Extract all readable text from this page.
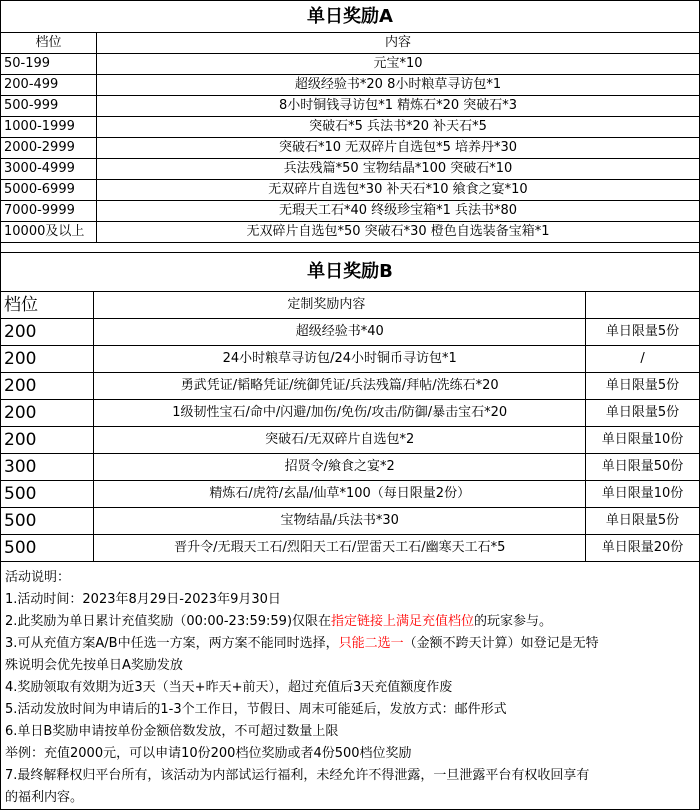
单日奖励A	
档位	内容
50-199	元宝*10
200-499	超级经验书*20 8小时粮草寻访包*1
500-999	8小时铜钱寻访包*1 精炼石*20 突破石*3
1000-1999	突破石*5 兵法书*20 补天石*5
2000-2999	突破石*10 无双碎片自选包*5 培养丹*30
3000-4999	兵法残篇*50 宝物结晶*100 突破石*10
5000-6999	无双碎片自选包*30 补天石*10 飨食之宴*10
7000-9999	无瑕天工石*40 终级珍宝箱*1 兵法书*80
10000及以上	无双碎片自选包*50 突破石*30 橙色自选装备宝箱*1
单日奖励B		
档位	定制奖励内容	
200	超级经验书*40	单日限量5份
200	24小时粮草寻访包/24小时铜币寻访包*1	/
200	勇武凭证/韬略凭证/统御凭证/兵法残篇/拜帖/洗练石*20	单日限量5份
200	1级韧性宝石/命中/闪避/加伤/免伤/攻击/防御/暴击宝石*20	单日限量5份
200	突破石/无双碎片自选包*2	单日限量10份
300	招贤令/飨食之宴*2	单日限量50份
500	精炼石/虎符/玄晶/仙草*100（每日限量2份）	单日限量10份
500	宝物结晶/兵法书*30	单日限量5份
500	晋升令/无瑕天工石/烈阳天工石/罡雷天工石/幽寒天工石*5	单日限量20份

活动说明：

1.活动时间：2023年8月29日-2023年9月30日

2.此奖励为单日累计充值奖励（00:00-23:59:59)仅限在指定链接上满足充值档位的玩家参与。

3.可从充值方案A/B中任选一方案，两方案不能同时选择，只能二选一（金额不跨天计算）如登记是无特

殊说明会优先按单日A奖励发放

4.奖励领取有效期为近3天（当天+昨天+前天），超过充值后3天充值额度作废

5.活动发放时间为申请后的1-3个工作日，节假日、周末可能延后，发放方式：邮件形式

6.单日B奖励申请按单份金额倍数发放，不可超过数量上限

举例：充值2000元，可以申请10份200档位奖励或者4份500档位奖励

7.最终解释权归平台所有，该活动为内部试运行福利，未经允许不得泄露，一旦泄露平台有权收回享有

的福利内容。
